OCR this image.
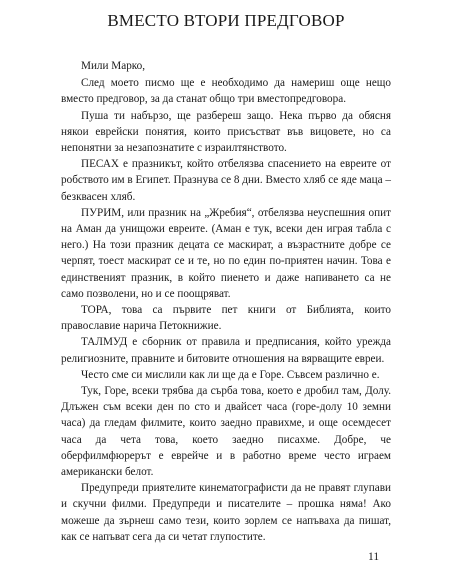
ВМЕСТО ВТОРИ ПРЕДГОВОР

Мили Марко,

След моето писмо ще е необходимо да намериш още нещо вместо предговор, за да станат общо три вместопредговора.

Пуша ти набързо, ще разбереш защо. Нека първо да обясня някои еврейски понятия, които присъстват във вицовете, но са непонятни за незапознатите с израилтянството.

ПЕСАХ е празникът, който отбелязва спасението на евреите от робството им в Египет. Празнува се 8 дни. Вместо хляб се яде маца – безквасен хляб.

ПУРИМ, или празник на „Жребия“, отбелязва неуспешния опит на Аман да унищожи евреите. (Аман е тук, всеки ден играя табла с него.) На този празник децата се маскират, а възрастните добре се черпят, тоест маскират се и те, но по един по-приятен начин. Това е единственият празник, в който пиенето и даже напиването са не само позволени, но и се поощряват.

ТОРА, това са първите пет книги от Библията, които православие нарича Петокнижие.

ТАЛМУД е сборник от правила и предписания, който урежда религиозните, правните и битовите отношения на вярващите евреи.

Често сме си мислили как ли ще да е Горе. Съвсем различно е.

Тук, Горе, всеки трябва да сърба това, което е дробил там, Долу. Длъжен съм всеки ден по сто и двайсет часа (горе-долу 10 земни часа) да гледам филмите, които заедно правихме, и още осемдесет часа да чета това, което заедно писахме. Добре, че оберфилмфюрерът е еврейче и в работно време често играем американски белот.

Предупреди приятелите кинематографисти да не правят глупави и скучни филми. Предупреди и писателите – прошка няма! Ако можеше да зърнеш само тези, които зорлем се напъваха да пишат, как се напъват сега да си четат глупостите.

11
